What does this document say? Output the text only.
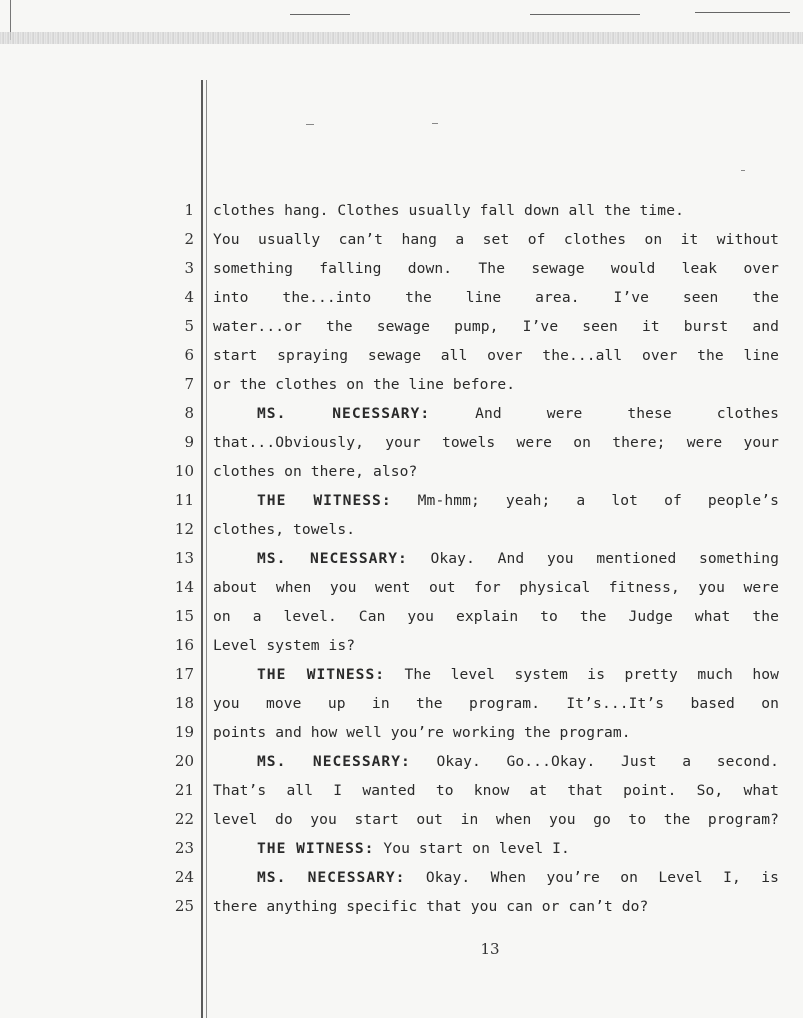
1 clothes hang. Clothes usually fall down all the time.
2 You usually can’t hang a set of clothes on it without
3 something falling down. The sewage would leak over
4 into the...into the line area. I’ve seen the
5 water...or the sewage pump, I’ve seen it burst and
6 start spraying sewage all over the...all over the line
7 or the clothes on the line before.
8	MS. NECESSARY: And were these clothes
9 that...Obviously, your towels were on there; were your
10 clothes on there, also?
11	THE WITNESS: Mm-hmm; yeah; a lot of people’s
12 clothes, towels.
13	MS. NECESSARY: Okay. And you mentioned something
14 about when you went out for physical fitness, you were
15 on a level. Can you explain to the Judge what the
16 Level system is?
17	THE WITNESS: The level system is pretty much how
18 you move up in the program. It’s...It’s based on
19 points and how well you’re working the program.
20	MS. NECESSARY: Okay. Go...Okay. Just a second.
21 That’s all I wanted to know at that point. So, what
22 level do you start out in when you go to the program?
23	THE WITNESS: You start on level I.
24	MS. NECESSARY: Okay. When you’re on Level I, is
25 there anything specific that you can or can’t do?
13
